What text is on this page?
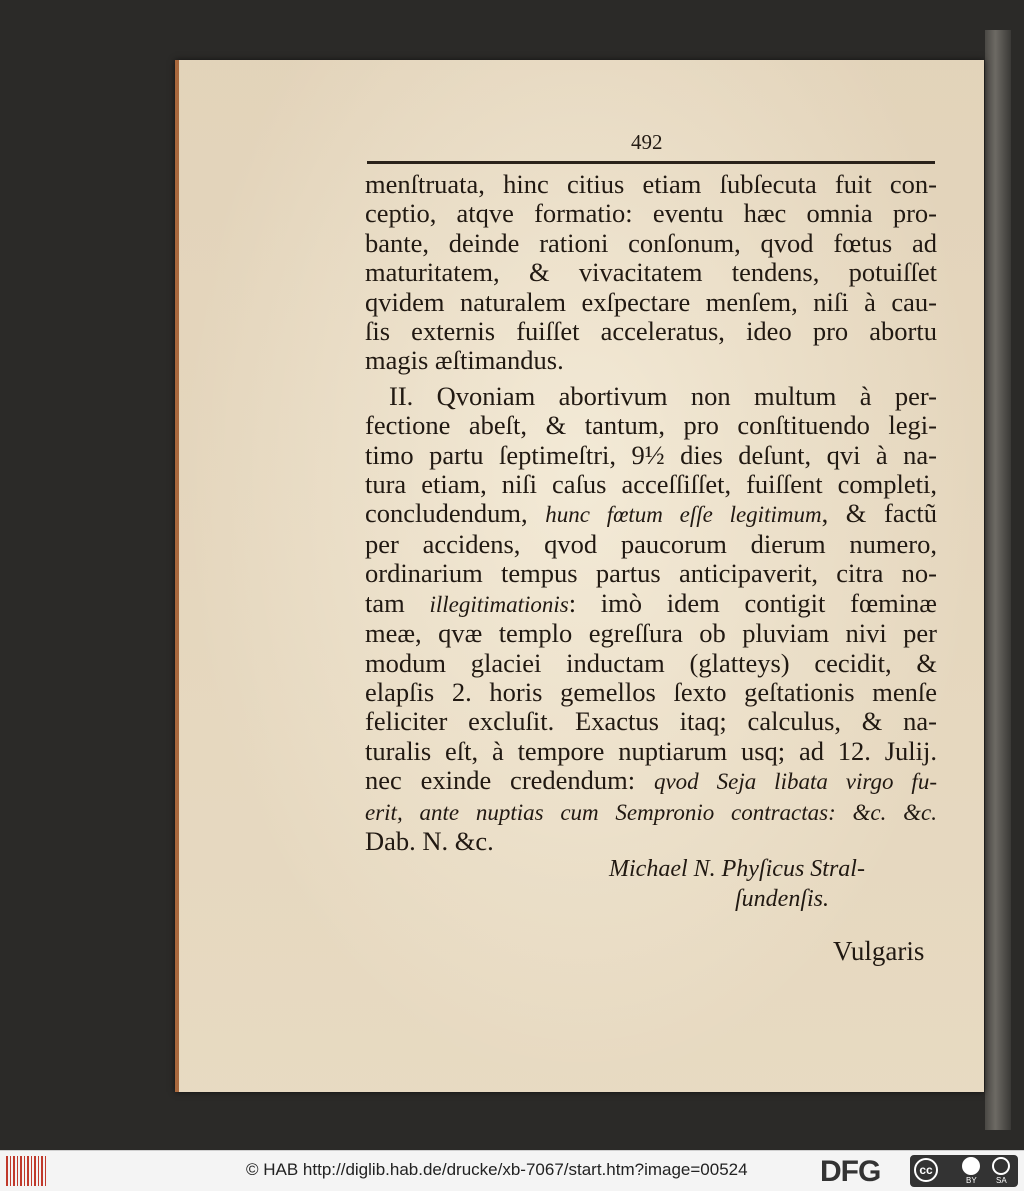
492
menſtruata, hinc citius etiam ſubſecuta fuit con-
ceptio, atqve formatio: eventu hæc omnia pro-
bante, deinde rationi conſonum, qvod fœtus ad
maturitatem, & vivacitatem tendens, potuiſſet
qvidem naturalem exſpectare menſem, niſi à cau-
ſis externis fuiſſet acceleratus, ideo pro abortu
magis æſtimandus.
II. Qvoniam abortivum non multum à per-
fectione abeſt, & tantum, pro conſtituendo legi-
timo partu ſeptimeſtri, 9½ dies deſunt, qvi à na-
tura etiam, niſi caſus acceſſiſſet, fuiſſent completi,
concludendum, hunc fœtum eſſe legitimum, & factũ
per accidens, qvod paucorum dierum numero,
ordinarium tempus partus anticipaverit, citra no-
tam illegitimationis: imò idem contigit fœminæ
meæ, qvæ templo egreſſura ob pluviam nivi per
modum glaciei inductam (glatteys) cecidit, &
elapſis 2. horis gemellos ſexto geſtationis menſe
feliciter excluſit. Exactus itaq; calculus, & na-
turalis eſt, à tempore nuptiarum usq; ad 12. Julij.
nec exinde credendum: qvod Seja libata virgo fu-
erit, ante nuptias cum Sempronio contractas: &c. &c.
Dab. N. &c.
Michael N. Phyſicus Stral-
ſundenſis.
Vulgaris
© HAB http://diglib.hab.de/drucke/xb-7067/start.htm?image=00524 DFG	cc
BY SA
